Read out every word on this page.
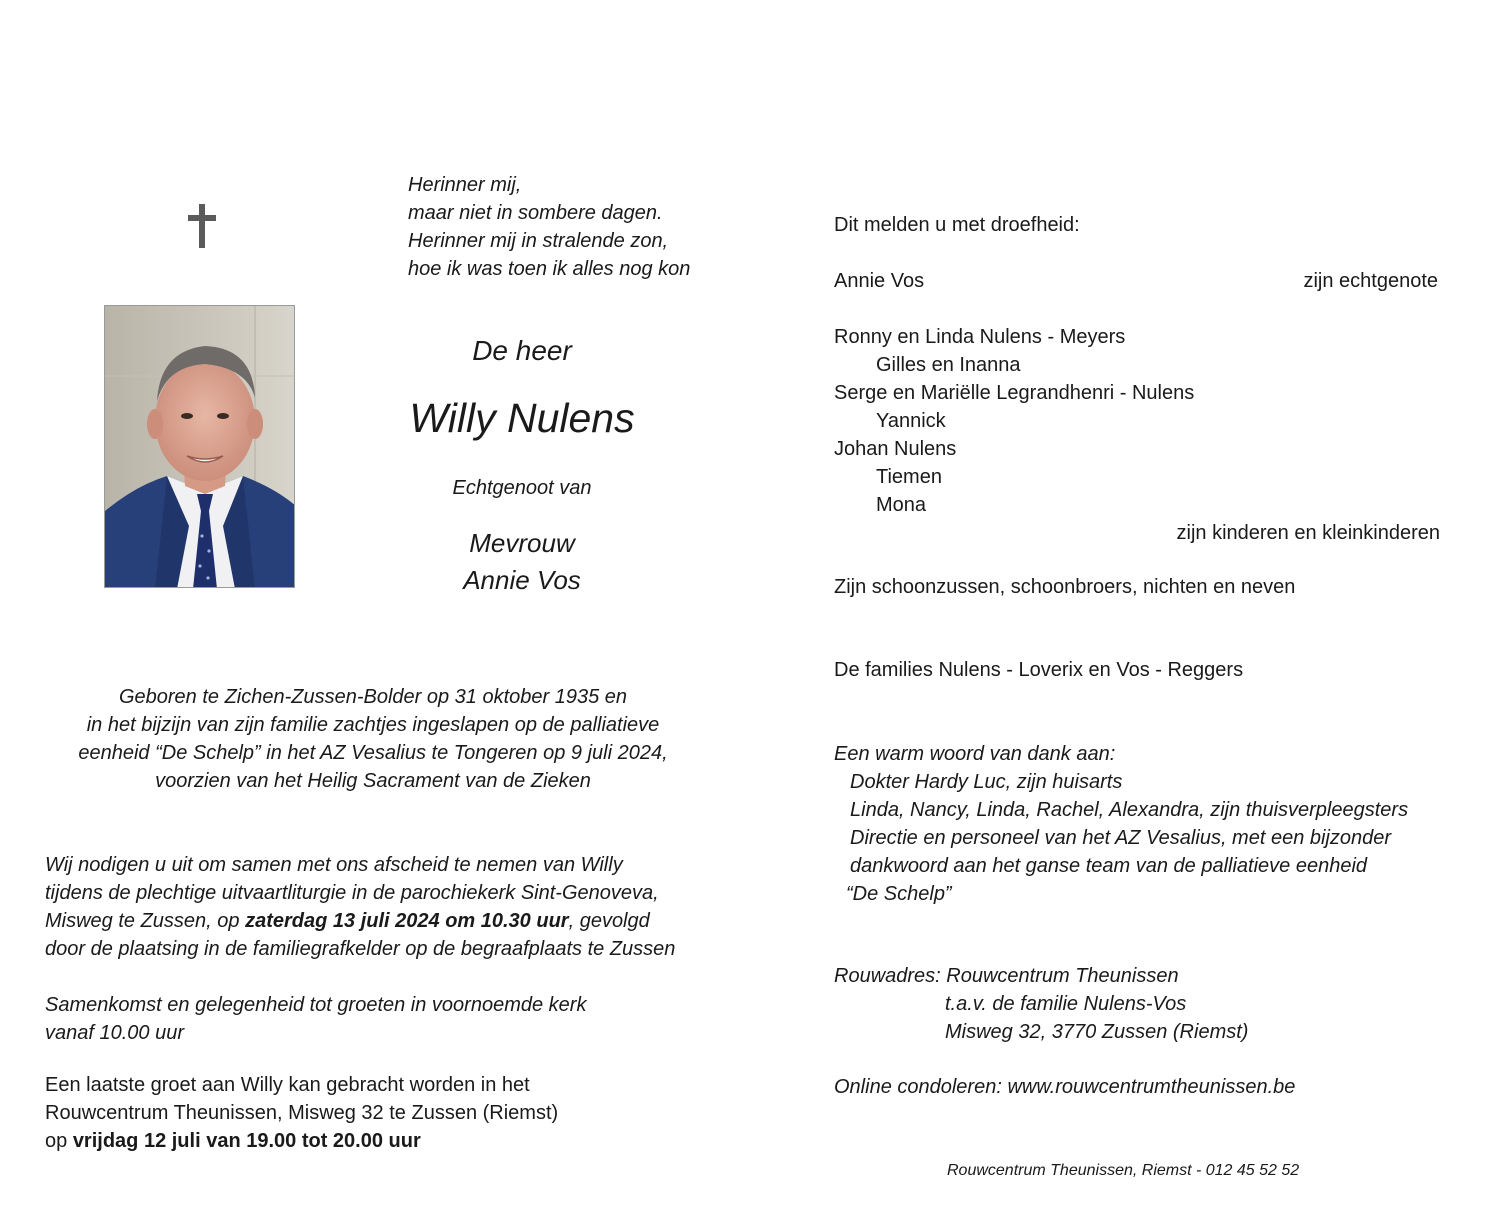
Herinner mij,
maar niet in sombere dagen.
Herinner mij in stralende zon,
hoe ik was toen ik alles nog kon
De heer
Willy Nulens
Echtgenoot van
Mevrouw
Annie Vos
Geboren te Zichen-Zussen-Bolder op 31 oktober 1935 en
in het bijzijn van zijn familie zachtjes ingeslapen op de palliatieve
eenheid “De Schelp” in het AZ Vesalius te Tongeren op 9 juli 2024,
voorzien van het Heilig Sacrament van de Zieken
Wij nodigen u uit om samen met ons afscheid te nemen van Willy
tijdens de plechtige uitvaartliturgie in de parochiekerk Sint-Genoveva,
Misweg te Zussen, op zaterdag 13 juli 2024 om 10.30 uur, gevolgd
door de plaatsing in de familiegrafkelder op de begraafplaats te Zussen
Samenkomst en gelegenheid tot groeten in voornoemde kerk
vanaf 10.00 uur
Een laatste groet aan Willy kan gebracht worden in het
Rouwcentrum Theunissen, Misweg 32 te Zussen (Riemst)
op vrijdag 12 juli van 19.00 tot 20.00 uur
Dit melden u met droefheid:
Annie Vos	zijn echtgenote
Ronny en Linda Nulens - Meyers
Gilles en Inanna
Serge en Mariëlle Legrandhenri - Nulens
Yannick
Johan Nulens
Tiemen
Mona
zijn kinderen en kleinkinderen
Zijn schoonzussen, schoonbroers, nichten en neven
De families Nulens - Loverix en Vos - Reggers
Een warm woord van dank aan:
Dokter Hardy Luc, zijn huisarts
Linda, Nancy, Linda, Rachel, Alexandra, zijn thuisverpleegsters
Directie en personeel van het AZ Vesalius, met een bijzonder
dankwoord aan het ganse team van de palliatieve eenheid
“De Schelp”
Rouwadres: Rouwcentrum Theunissen
t.a.v. de familie Nulens-Vos
Misweg 32, 3770 Zussen (Riemst)
Online condoleren: www.rouwcentrumtheunissen.be
Rouwcentrum Theunissen, Riemst - 012 45 52 52
